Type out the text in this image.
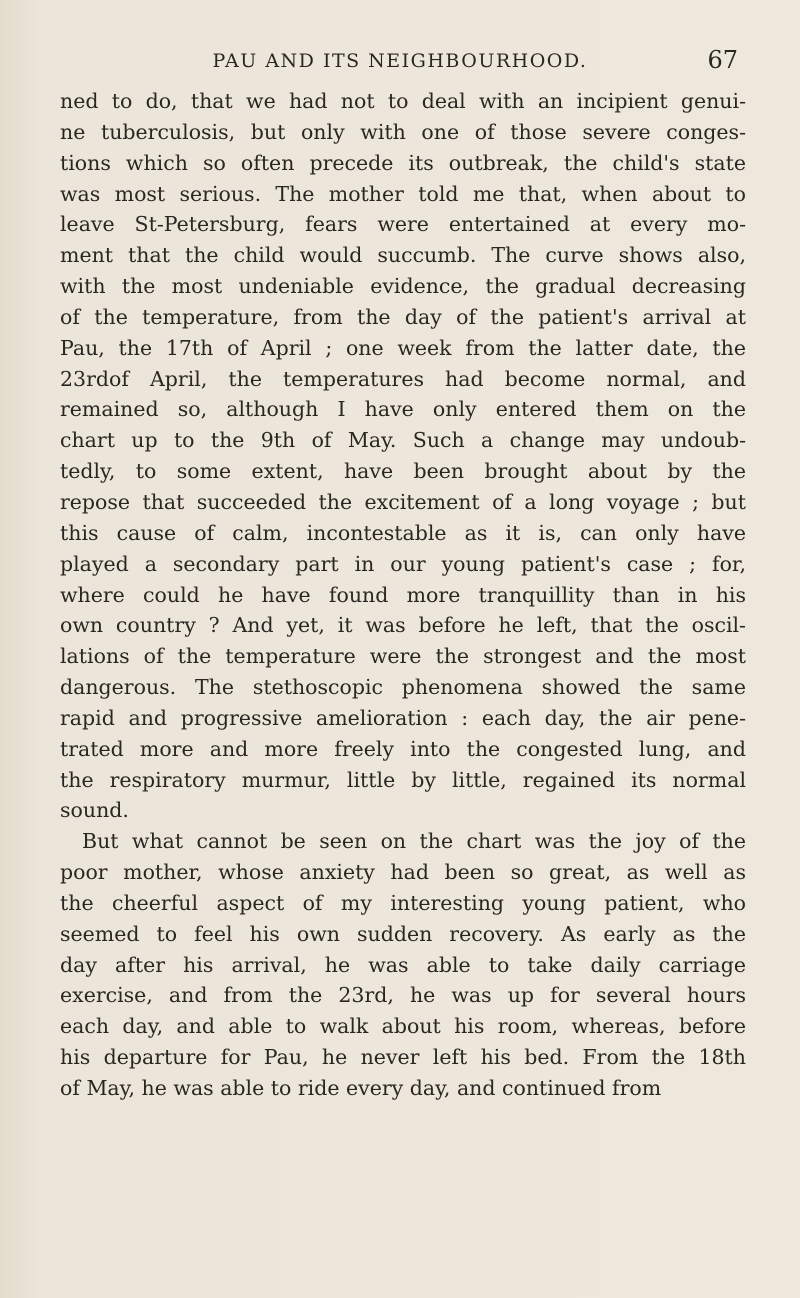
PAU AND ITS NEIGHBOURHOOD.	67
ned to do, that we had not to deal with an incipient genui-
ne tuberculosis, but only with one of those severe conges-
tions which so often precede its outbreak, the child's state
was most serious. The mother told me that, when about to
leave St-Petersburg, fears were entertained at every mo-
ment that the child would succumb. The curve shows also,
with the most undeniable evidence, the gradual decreasing
of the temperature, from the day of the patient's arrival at
Pau, the 17th of April ; one week from the latter date, the
23rdof April, the temperatures had become normal, and
remained so, although I have only entered them on the
chart up to the 9th of May. Such a change may undoub-
tedly, to some extent, have been brought about by the
repose that succeeded the excitement of a long voyage ; but
this cause of calm, incontestable as it is, can only have
played a secondary part in our young patient's case ; for,
where could he have found more tranquillity than in his
own country ? And yet, it was before he left, that the oscil-
lations of the temperature were the strongest and the most
dangerous. The stethoscopic phenomena showed the same
rapid and progressive amelioration : each day, the air pene-
trated more and more freely into the congested lung, and
the respiratory murmur, little by little, regained its normal
sound.
But what cannot be seen on the chart was the joy of the
poor mother, whose anxiety had been so great, as well as
the cheerful aspect of my interesting young patient, who
seemed to feel his own sudden recovery. As early as the
day after his arrival, he was able to take daily carriage
exercise, and from the 23rd, he was up for several hours
each day, and able to walk about his room, whereas, before
his departure for Pau, he never left his bed. From the 18th
of May, he was able to ride every day, and continued from
